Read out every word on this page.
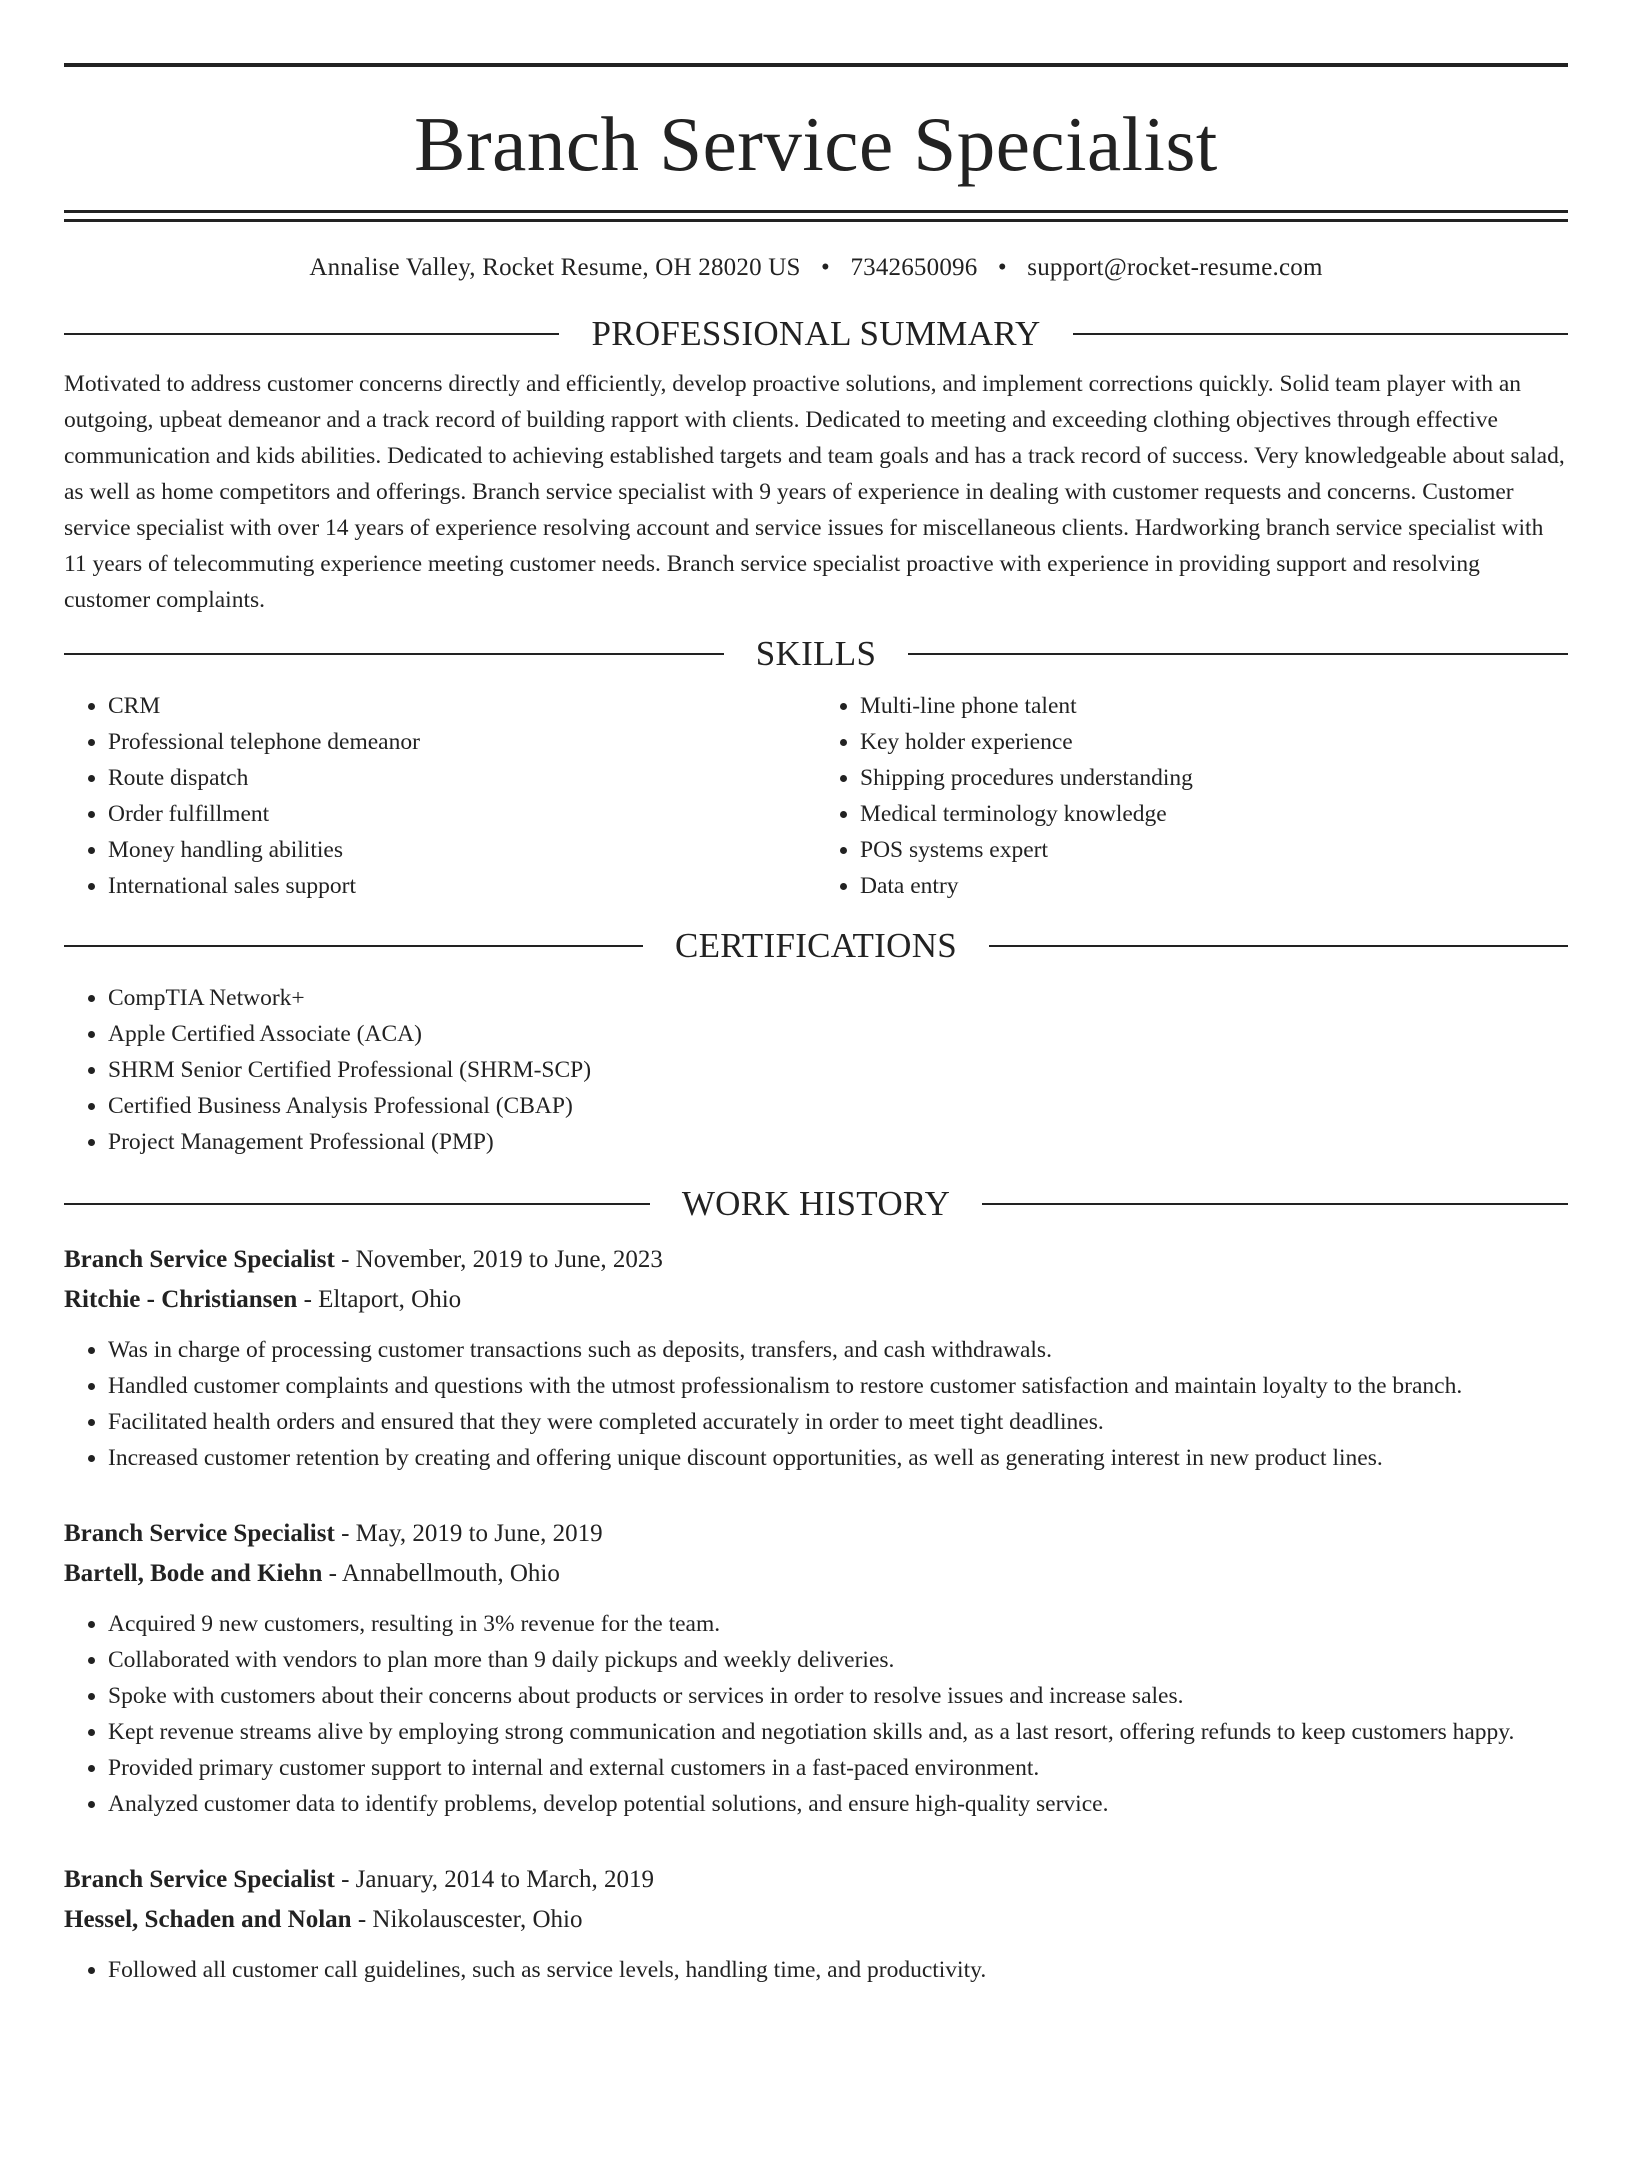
Branch Service Specialist
Annalise Valley, Rocket Resume, OH 28020 US • 7342650096 • support@rocket-resume.com
PROFESSIONAL SUMMARY
Motivated to address customer concerns directly and efficiently, develop proactive solutions, and implement corrections quickly. Solid team player with an outgoing, upbeat demeanor and a track record of building rapport with clients. Dedicated to meeting and exceeding clothing objectives through effective communication and kids abilities. Dedicated to achieving established targets and team goals and has a track record of success. Very knowledgeable about salad, as well as home competitors and offerings. Branch service specialist with 9 years of experience in dealing with customer requests and concerns. Customer service specialist with over 14 years of experience resolving account and service issues for miscellaneous clients. Hardworking branch service specialist with 11 years of telecommuting experience meeting customer needs. Branch service specialist proactive with experience in providing support and resolving customer complaints.
SKILLS
• CRM
• Professional telephone demeanor
• Route dispatch
• Order fulfillment
• Money handling abilities
• International sales support
• Multi-line phone talent
• Key holder experience
• Shipping procedures understanding
• Medical terminology knowledge
• POS systems expert
• Data entry
CERTIFICATIONS
• CompTIA Network+
• Apple Certified Associate (ACA)
• SHRM Senior Certified Professional (SHRM-SCP)
• Certified Business Analysis Professional (CBAP)
• Project Management Professional (PMP)
WORK HISTORY
Branch Service Specialist - November, 2019 to June, 2023
Ritchie - Christiansen - Eltaport, Ohio
• Was in charge of processing customer transactions such as deposits, transfers, and cash withdrawals.
• Handled customer complaints and questions with the utmost professionalism to restore customer satisfaction and maintain loyalty to the branch.
• Facilitated health orders and ensured that they were completed accurately in order to meet tight deadlines.
• Increased customer retention by creating and offering unique discount opportunities, as well as generating interest in new product lines.
Branch Service Specialist - May, 2019 to June, 2019
Bartell, Bode and Kiehn - Annabellmouth, Ohio
• Acquired 9 new customers, resulting in 3% revenue for the team.
• Collaborated with vendors to plan more than 9 daily pickups and weekly deliveries.
• Spoke with customers about their concerns about products or services in order to resolve issues and increase sales.
• Kept revenue streams alive by employing strong communication and negotiation skills and, as a last resort, offering refunds to keep customers happy.
• Provided primary customer support to internal and external customers in a fast-paced environment.
• Analyzed customer data to identify problems, develop potential solutions, and ensure high-quality service.
Branch Service Specialist - January, 2014 to March, 2019
Hessel, Schaden and Nolan - Nikolauscester, Ohio
• Followed all customer call guidelines, such as service levels, handling time, and productivity.
